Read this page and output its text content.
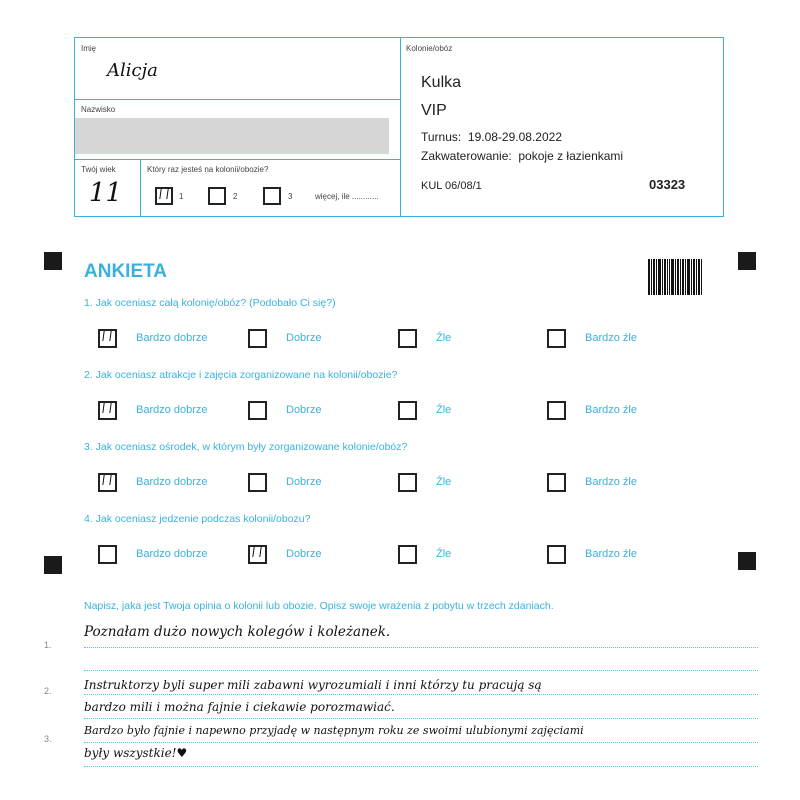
Imię
Alicja
Nazwisko
Twój wiek
11
Który raz jesteś na kolonii/obozie?
1	2	3	więcej, ile ............
Kolonie/obóz
Kulka
VIP
Turnus:  19.08-29.08.2022
Zakwaterowanie:  pokoje z łazienkami
KUL 06/08/1	03323
ANKIETA
1. Jak oceniasz całą kolonię/obóz? (Podobało Ci się?)
2. Jak oceniasz atrakcje i zajęcia zorganizowane na kolonii/obozie?
3. Jak oceniasz ośrodek, w którym były zorganizowane kolonie/obóz?
4. Jak oceniasz jedzenie podczas kolonii/obozu?
Bardzo dobrze	Dobrze	Źle	Bardzo źle
Bardzo dobrze	Dobrze	Źle	Bardzo źle
Bardzo dobrze	Dobrze	Źle	Bardzo źle
Bardzo dobrze	Dobrze	Źle	Bardzo źle
Napisz, jaka jest Twoja opinia o kolonii lub obozie. Opisz swoje wrażenia z pobytu w trzech zdaniach.
1.
2.
3.
Poznałam dużo nowych kolegów i koleżanek.
Instruktorzy byli super mili zabawni wyrozumiali i inni którzy tu pracują są
bardzo mili i można fajnie i ciekawie porozmawiać.
Bardzo było fajnie i napewno przyjadę w następnym roku ze swoimi ulubionymi zajęciami
były wszystkie!♥
